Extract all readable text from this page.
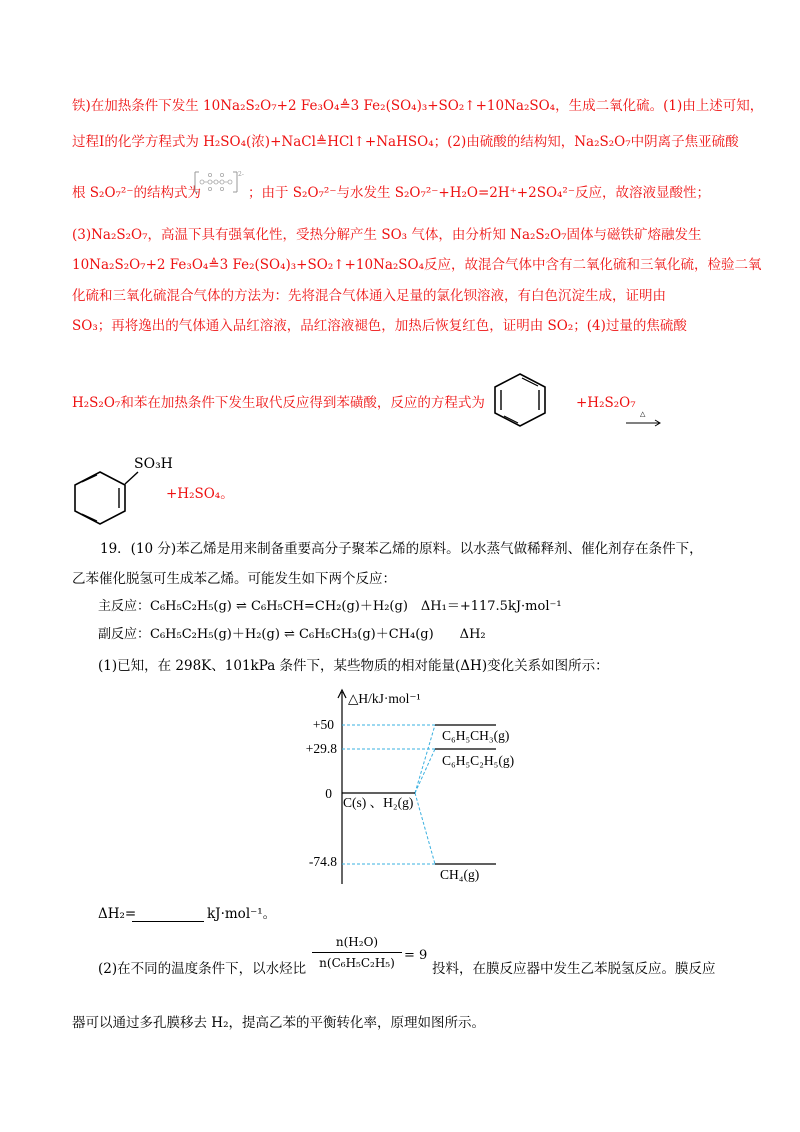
铁)在加热条件下发生 10Na₂S₂O₇+2 Fe₃O₄≜3 Fe₂(SO₄)₃+SO₂↑+10Na₂SO₄，生成二氧化硫。(1)由上述可知，
过程Ⅰ的化学方程式为 H₂SO₄(浓)+NaCl≜HCl↑+NaHSO₄；(2)由硫酸的结构知，Na₂S₂O₇中阴离子焦亚硫酸
根 S₂O₇²⁻的结构式为
2-
；由于 S₂O₇²⁻与水发生 S₂O₇²⁻+H₂O=2H⁺+2SO₄²⁻反应，故溶液显酸性；
(3)Na₂S₂O₇，高温下具有强氧化性，受热分解产生 SO₃ 气体，由分析知 Na₂S₂O₇固体与磁铁矿熔融发生
10Na₂S₂O₇+2 Fe₃O₄≜3 Fe₂(SO₄)₃+SO₂↑+10Na₂SO₄反应，故混合气体中含有二氧化硫和三氧化硫，检验二氧
化硫和三氧化硫混合气体的方法为：先将混合气体通入足量的氯化钡溶液，有白色沉淀生成，证明由
SO₃；再将逸出的气体通入品红溶液，品红溶液褪色，加热后恢复红色，证明由 SO₂；(4)过量的焦硫酸
H₂S₂O₇和苯在加热条件下发生取代反应得到苯磺酸，反应的方程式为	+H₂S₂O₇
△
SO₃H
+H₂SO₄。
19．(10 分)苯乙烯是用来制备重要高分子聚苯乙烯的原料。以水蒸气做稀释剂、催化剂存在条件下，
乙苯催化脱氢可生成苯乙烯。可能发生如下两个反应：
主反应：C₆H₅C₂H₅(g) ⇌ C₆H₅CH=CH₂(g)＋H₂(g)　ΔH₁＝+117.5kJ·mol⁻¹
副反应：C₆H₅C₂H₅(g)＋H₂(g) ⇌ C₆H₅CH₃(g)＋CH₄(g)　　ΔH₂
(1)已知，在 298K、101kPa 条件下，某些物质的相对能量(ΔH)变化关系如图所示：
△H/kJ·mol⁻¹
+50
+29.8
0
-74.8
C₆H₅CH₃(g)
C₆H₅C₂H₅(g)
C(s) 、H₂(g)
CH₄(g)
ΔH₂=	kJ·mol⁻¹。
(2)在不同的温度条件下，以水烃比
n(H₂O)
n(C₆H₅C₂H₅) = 9
投料，在膜反应器中发生乙苯脱氢反应。膜反应
器可以通过多孔膜移去 H₂，提高乙苯的平衡转化率，原理如图所示。
